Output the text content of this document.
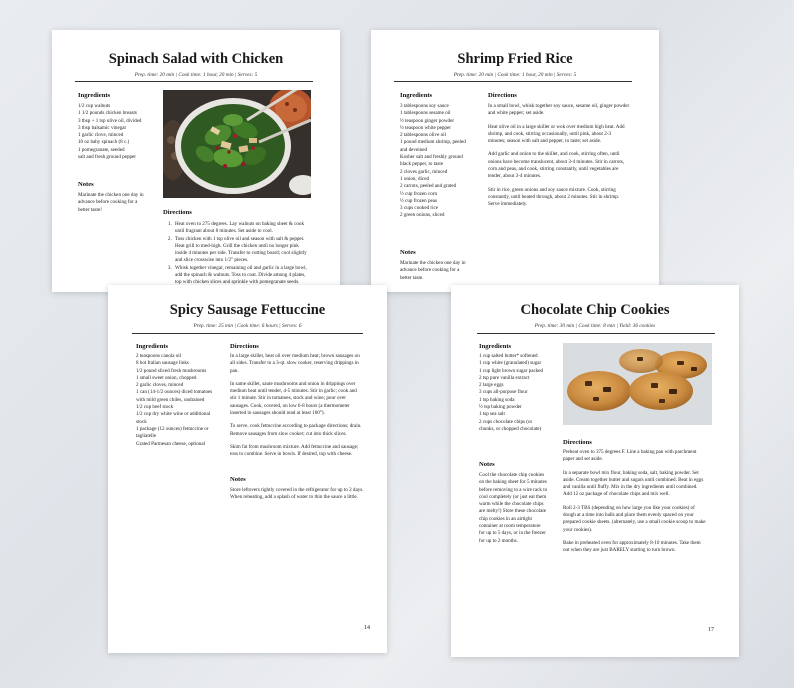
Spinach Salad with Chicken
Prep. time: 20 min | Cook time: 1 hour, 20 min | Serves: 5
Ingredients
1/2 cup walnuts
1 1/2 pounds chicken breasts
3 tbsp + 1 tsp olive oil, divided
3 tbsp balsamic vinegar
1 garlic clove, minced
10 oz baby spinach (8 c.)
1 pomegranate, seeded
salt and fresh ground pepper
Notes
Marinate the chicken one day in
advance before cooking for a
better taste!	Directions
1. Heat oven to 275 degrees. Lay walnuts on baking sheet & cook
until fragrant about 8 minutes. Set aside to cool.
2. Toss chicken with 1 tsp olive oil and season with salt & pepper.
Heat grill to med-high. Grill the chicken until no longer pink
inside 4 minutes per side. Transfer to cutting board; cool slightly
and slice crosswise into 1/2" pieces.
3. Whisk together vinegar, remaining oil and garlic in a large bowl,
add the spinach & walnuts. Toss to coat. Divide among 4 plates,
top with chicken slices and sprinkle with pomegranate seeds.
Shrimp Fried Rice
Prep. time: 20 min | Cook time: 1 hour, 20 min | Serves: 5
Ingredients
3 tablespoons soy sauce
1 tablespoons sesame oil
½ teaspoon ginger powder
½ teaspoon white pepper
2 tablespoons olive oil
1 pound medium shrimp, peeled
and deveined
Kosher salt and freshly ground
black pepper, to taste
2 cloves garlic, minced
1 onion, diced
2 carrots, peeled and grated
½ cup frozen corn
½ cup frozen peas
3 cups cooked rice
2 green onions, sliced
Notes
Marinate the chicken one day in
advance before cooking for a
better taste.
Directions
In a small bowl, whisk together soy sauce, sesame oil, ginger powder
and white pepper; set aside.
Heat olive oil in a large skillet or wok over medium high heat. Add
shrimp, and cook, stirring occasionally, until pink, about 2-3
minutes; season with salt and pepper, to taste; set aside.
Add garlic and onion to the skillet, and cook, stirring often, until
onions have become translucent, about 3-4 minutes. Stir in carrots,
corn and peas, and cook, stirring constantly, until vegetables are
tender, about 3-4 minutes.
Stir in rice, green onions and soy sauce mixture. Cook, stirring
constantly, until heated through, about 2 minutes. Stir in shrimp.
Serve immediately.
Spicy Sausage Fettuccine
Prep. time: 25 min | Cook time: 6 hours | Serves: 6
Ingredients
2 teaspoons canola oil
8 hot Italian sausage links
1/2 pound sliced fresh mushrooms
1 small sweet onion, chopped
2 garlic cloves, minced
1 can (14-1/2 ounces) diced tomatoes
with mild green chiles, undrained
1/2 cup beef stock
1/2 cup dry white wine or additional
stock
1 package (12 ounces) fettuccine or
tagliatelle
Grated Parmesan cheese, optional
Directions
In a large skillet, heat oil over medium heat; brown sausages on
all sides. Transfer to a 3-qt. slow cooker, reserving drippings in
pan.
In same skillet, saute mushrooms and onion in drippings over
medium heat until tender, 4-5 minutes. Stir in garlic; cook and
stir 1 minute. Stir in tomatoes, stock and wine; pour over
sausages. Cook, covered, on low 6-8 hours (a thermometer
inserted in sausages should read at least 160°).
To serve, cook fettuccine according to package directions; drain.
Remove sausages from slow cooker; cut into thick slices.
Skim fat from mushroom mixture. Add fettuccine and sausage;
toss to combine. Serve in bowls. If desired, top with cheese.
Notes
Store leftovers tightly covered in the refrigerator for up to 2 days.
When reheating, add a splash of water to thin the sauce a little.
14
Chocolate Chip Cookies
Prep. time: 30 min | Cook time: 8 min | Yield: 36 cookies
Ingredients
1 cup salted butter* softened
1 cup white (granulated) sugar
1 cup light brown sugar packed
2 tsp pure vanilla extract
2 large eggs
3 cups all-purpose flour
1 tsp baking soda
½ tsp baking powder
1 tsp sea salt
2 cups chocolate chips (or
chunks, or chopped chocolate)
Notes
Cool the chocolate chip cookies
on the baking sheet for 5 minutes
before removing to a wire rack to
cool completely (or just eat them
warm while the chocolate chips
are melty!) Store these chocolate
chip cookies in an airtight
container at room temperature
for up to 5 days, or in the freezer
for up to 2 months.
Directions
Preheat oven to 375 degrees F. Line a baking pan with parchment
paper and set aside.
In a separate bowl mix flour, baking soda, salt, baking powder. Set
aside. Cream together butter and sugars until combined. Beat in eggs
and vanilla until fluffy. Mix in the dry ingredients until combined.
Add 12 oz package of chocolate chips and mix well.
Roll 2-3 TBS (depending on how large you like your cookies) of
dough at a time into balls and place them evenly spaced on your
prepared cookie sheets. (alternately, use a small cookie scoop to make
your cookies).
Bake in preheated oven for approximately 8-10 minutes. Take them
out when they are just BARELY starting to turn brown.
17
